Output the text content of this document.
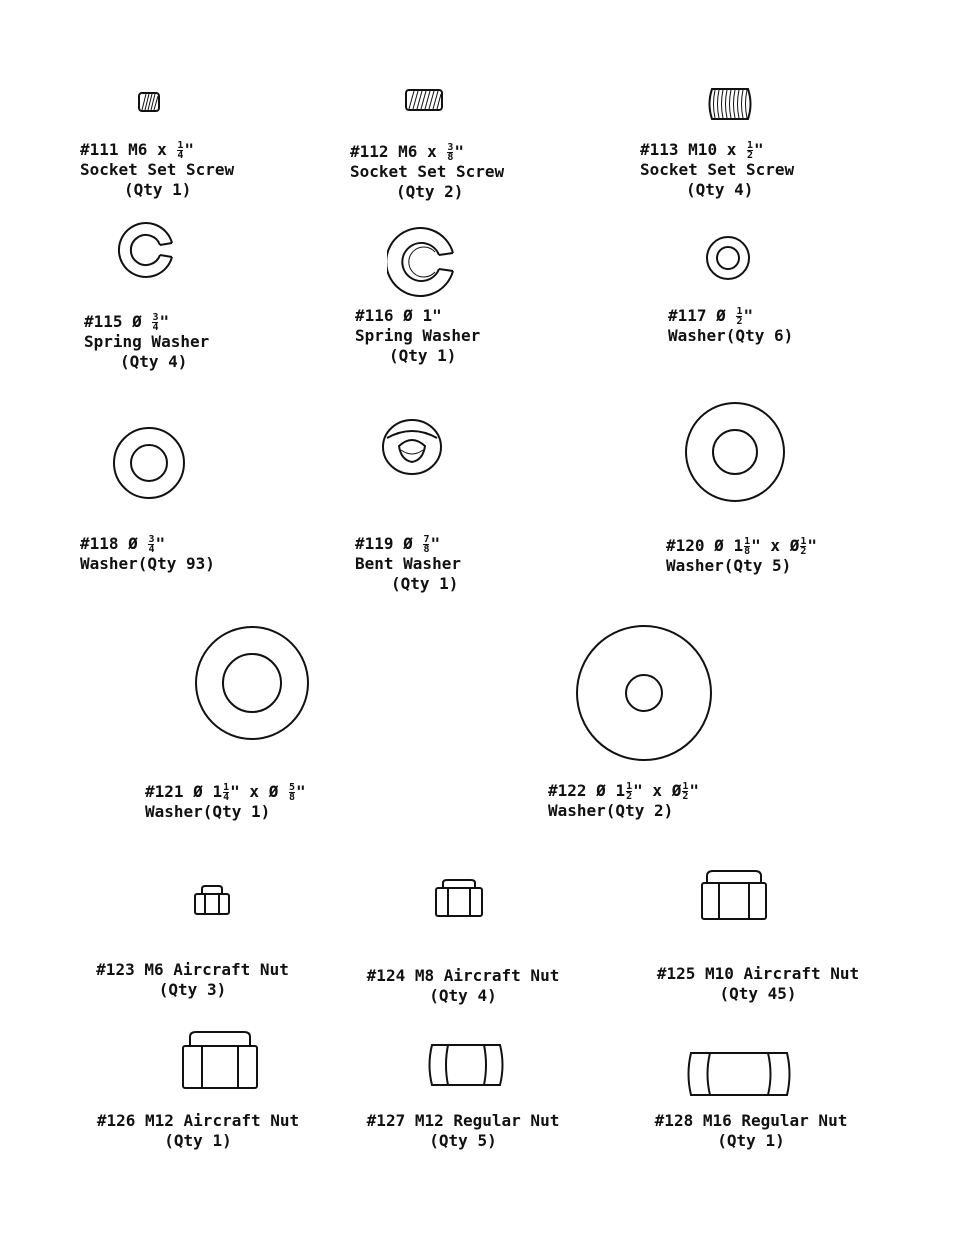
#111 M6 x $\frac{1}{4}$ "
Socket Set Screw
(Qty 1)
#112 M6 x $\frac{3}{8}$ "
Socket Set Screw
(Qty 2)
#113 M10 x $\frac{1}{2}$ "
Socket Set Screw
(Qty 4)
#115 Ø $\frac{3}{4}$ "
Spring Washer
(Qty 4)
#116 Ø 1"
Spring Washer
(Qty 1)
#117 Ø $\frac{1}{2}$ "
Washer(Qty 6)
#118 Ø $\frac{3}{4}$ "
Washer(Qty 93)
#119 Ø $\frac{7}{8}$ "
Bent Washer
(Qty 1)
#120 Ø $1 \frac{1}{8}$ " x Ø $\frac{1}{2}$ "
Washer(Qty 5)
#121 Ø $1 \frac{1}{4}$ " x Ø $\frac{5}{8}$ "
Washer(Qty 1)
#122 Ø $1 \frac{1}{2}$ " x Ø $\frac{1}{2}$ "
Washer(Qty 2)
#123 M6 Aircraft Nut
(Qty 3)
#124 M8 Aircraft Nut
(Qty 4)
#125 M10 Aircraft Nut
(Qty 45)
#126 M12 Aircraft Nut
(Qty 1)
#127 M12 Regular Nut
(Qty 5)
#128 M16 Regular Nut
(Qty 1)
